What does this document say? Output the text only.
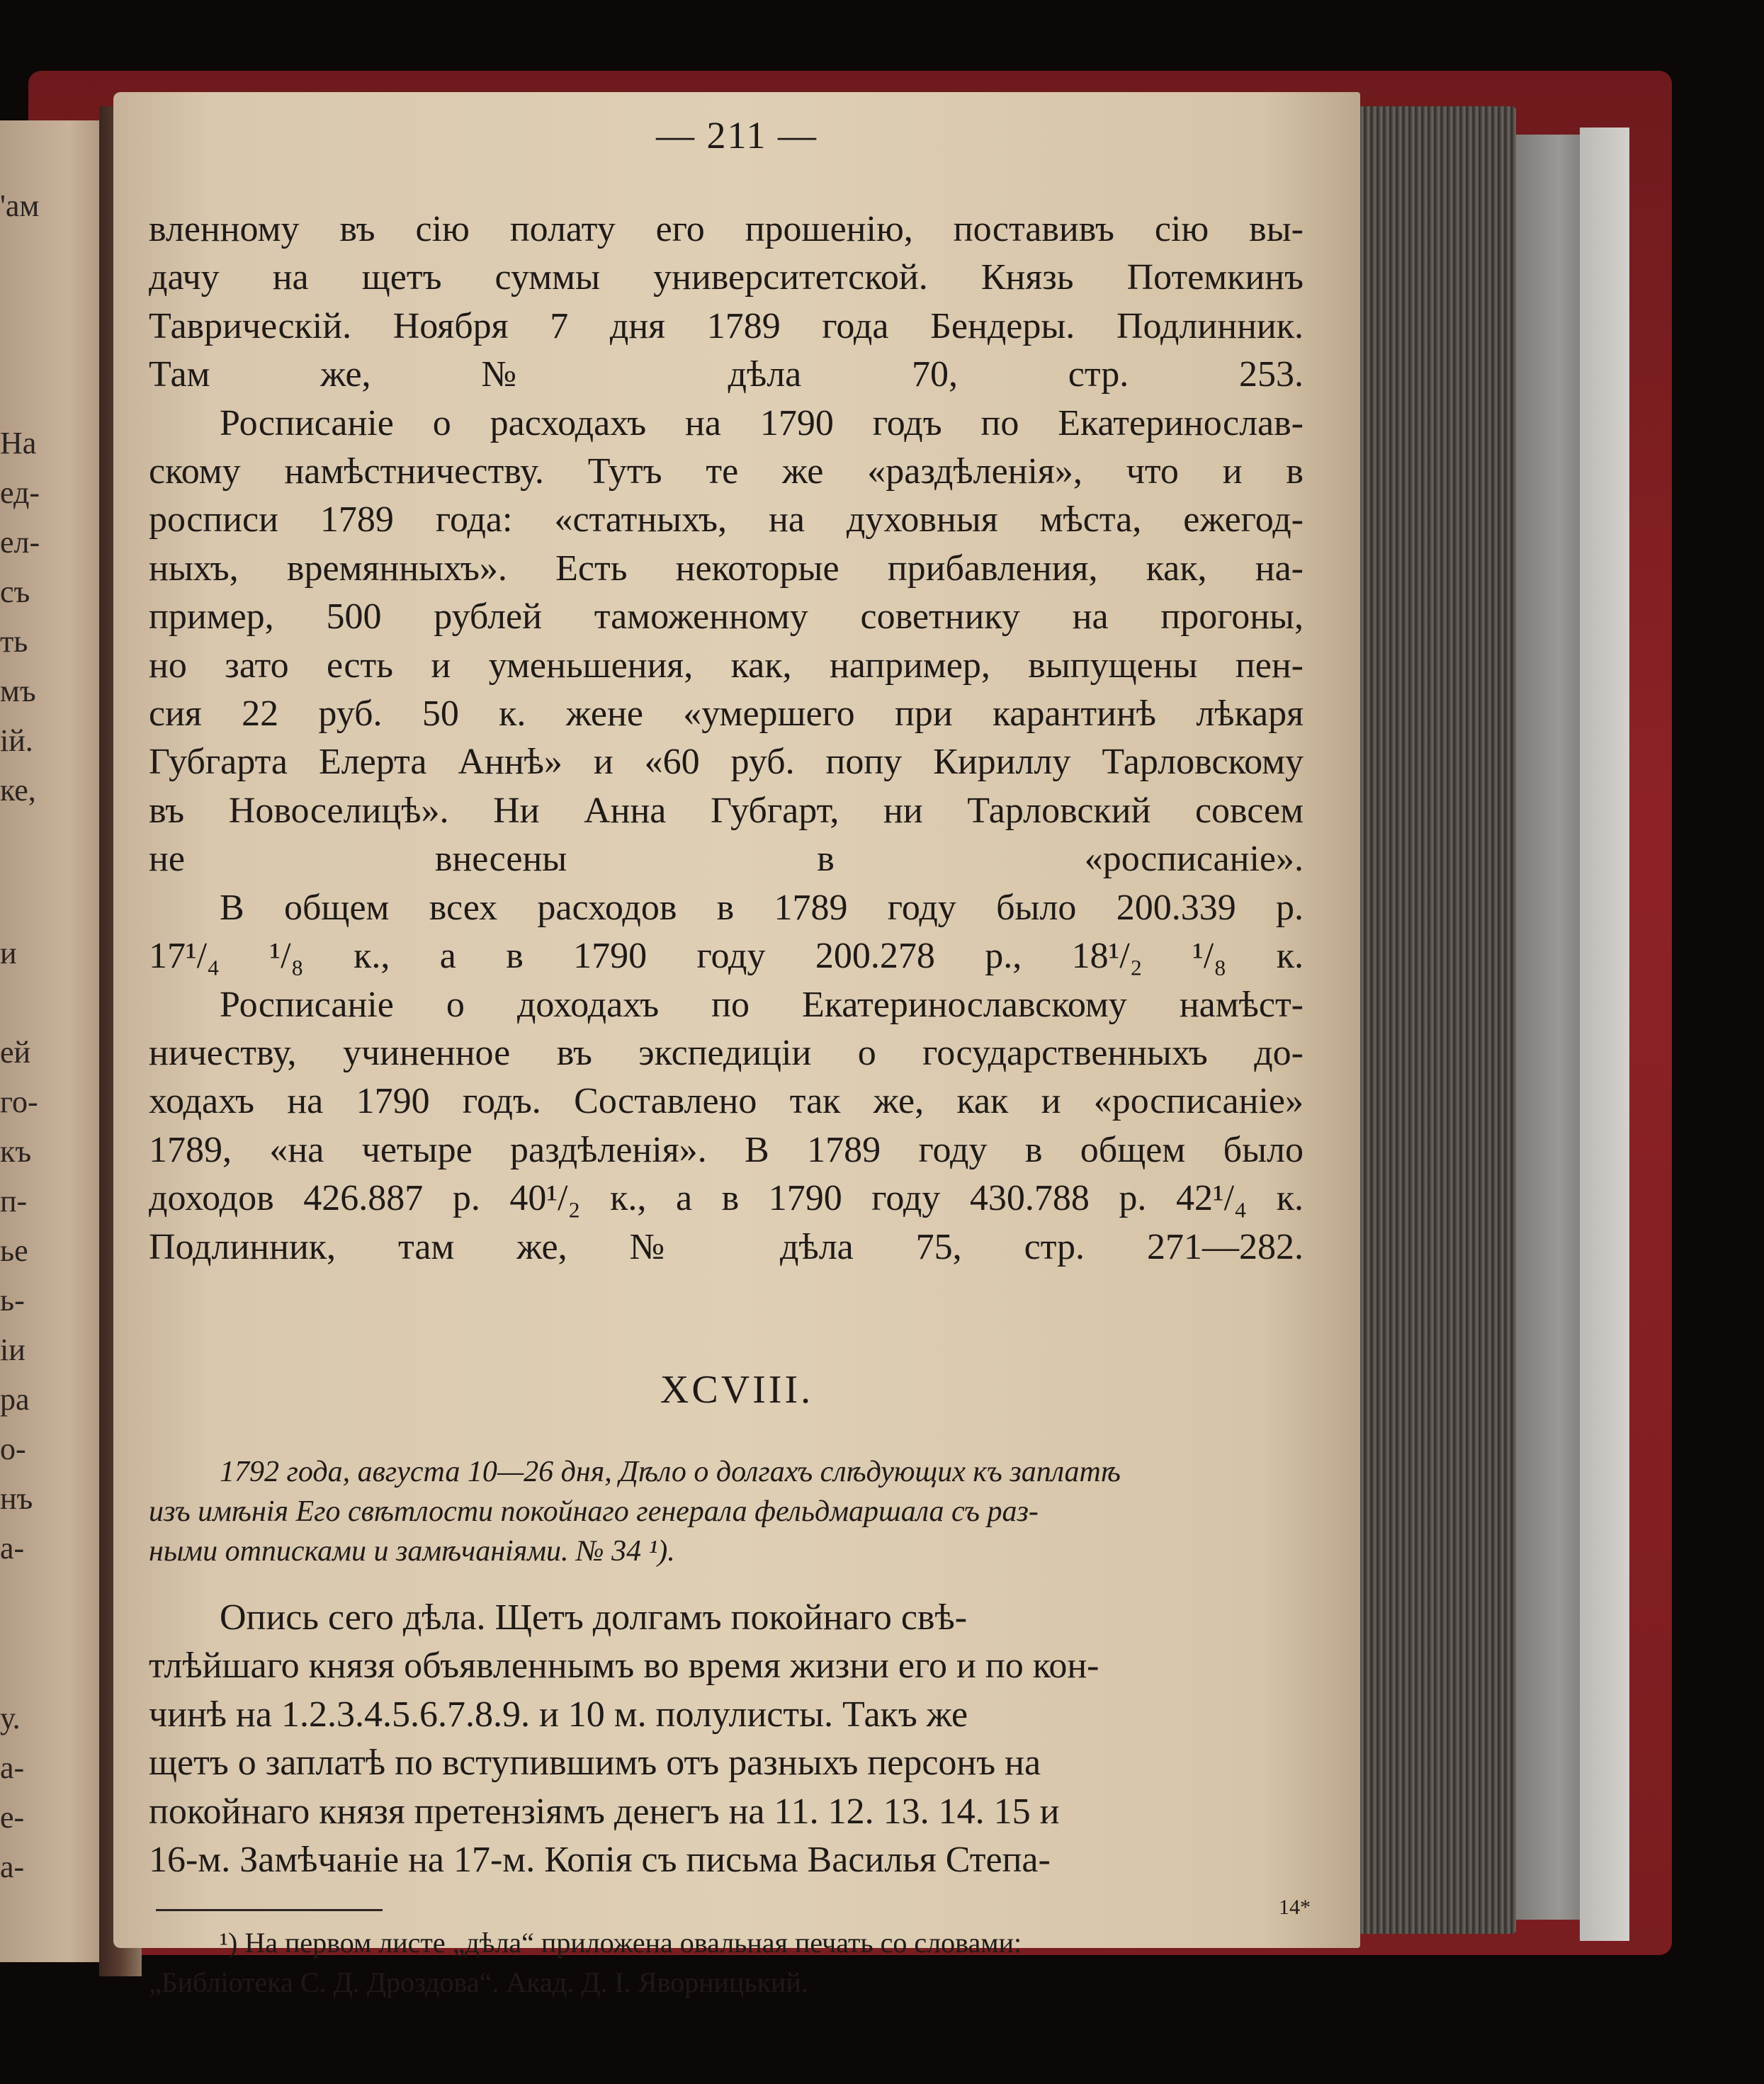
'ам
На
ед-
ел-
съ
ть
мъ
ій.
ке,
и
ей
го-
къ
п-
ье
ь-
іи
ра
о-
нъ
а-
у.
а-
е-
а-
— 211 —
вленному въ сію полату его прошенію, поставивъ сію вы-
дачу на щетъ суммы университетской. Князь Потемкинъ
Таврическій. Ноября 7 дня 1789 года Бендеры. Подлинник.
Там же, № дѣла 70, стр. 253.
Росписаніе о расходахъ на 1790 годъ по Екатеринослав-
скому намѣстничеству. Тутъ те же «раздѣленія», что и в
росписи 1789 года: «статныхъ, на духовныя мѣста, ежегод-
ныхъ, времянныхъ». Есть некоторые прибавления, как, на-
пример, 500 рублей таможенному советнику на прогоны,
но зато есть и уменьшения, как, например, выпущены пен-
сия 22 руб. 50 к. жене «умершего при карантинѣ лѣкаря
Губгарта Елерта Аннѣ» и «60 руб. попу Кириллу Тарловскому
въ Новоселицѣ». Ни Анна Губгарт, ни Тарловский совсем
не внесены в «росписаніе».
В общем всех расходов в 1789 году было 200.339 р.
17¹/₄ ¹/₈ к., а в 1790 году 200.278 р., 18¹/₂ ¹/₈ к.
Росписаніе о доходахъ по Екатеринославскому намѣст-
ничеству, учиненное въ экспедиціи о государственныхъ до-
ходахъ на 1790 годъ. Составлено так же, как и «росписаніе»
1789, «на четыре раздѣленія». В 1789 году в общем было
доходов 426.887 р. 40¹/₂ к., а в 1790 году 430.788 р. 42¹/₄ к.
Подлинник, там же, № дѣла 75, стр. 271—282.
XCVIII.
1792 года, августа 10—26 дня, Дѣло о долгахъ слѣдующих къ заплатѣ
изъ имѣнія Его свѣтлости покойнаго генерала фельдмаршала съ раз-
ными отписками и замѣчаніями. № 34 ¹).
Опись сего дѣла. Щетъ долгамъ покойнаго свѣ-
тлѣйшаго князя объявленнымъ во время жизни его и по кон-
чинѣ на 1.2.3.4.5.6.7.8.9. и 10 м. полулисты. Такъ же
щетъ о заплатѣ по вступившимъ отъ разныхъ персонъ на
покойнаго князя претензіямъ денегъ на 11. 12. 13. 14. 15 и
16-м. Замѣчаніе на 17-м. Копія съ письма Василья Степа-
¹) На первом листе „дѣла“ приложена овальная печать со словами:
„Библіотека С. Д. Дроздова“. Акад. Д. І. Яворницький.
14*
